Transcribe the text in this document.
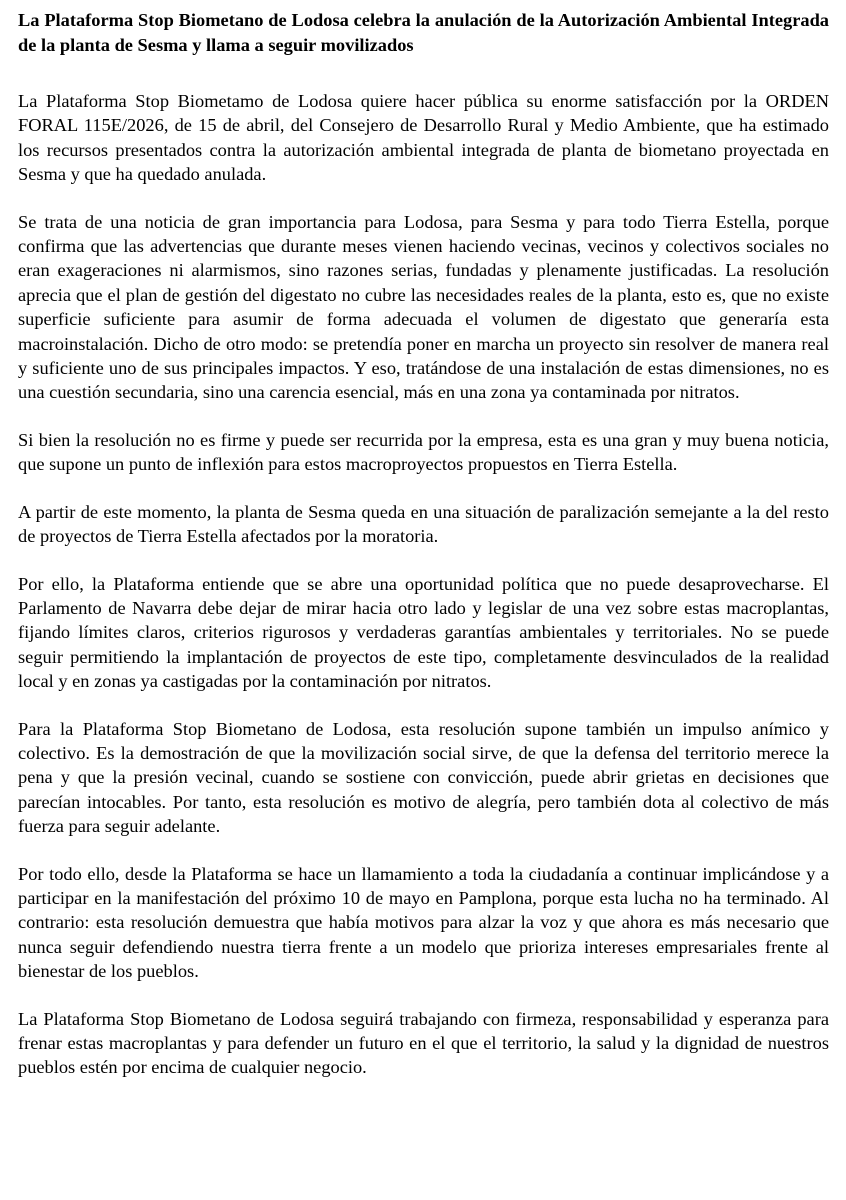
La Plataforma Stop Biometano de Lodosa celebra la anulación de la Autorización Ambiental Integrada de la planta de Sesma y llama a seguir movilizados

La Plataforma Stop Biometamo de Lodosa quiere hacer pública su enorme satisfacción por la ORDEN FORAL 115E/2026, de 15 de abril, del Consejero de Desarrollo Rural y Medio Ambiente, que ha estimado los recursos presentados contra la autorización ambiental integrada de planta de biometano proyectada en Sesma y que ha quedado anulada.

Se trata de una noticia de gran importancia para Lodosa, para Sesma y para todo Tierra Estella, porque confirma que las advertencias que durante meses vienen haciendo vecinas, vecinos y colectivos sociales no eran exageraciones ni alarmismos, sino razones serias, fundadas y plenamente justificadas. La resolución aprecia que el plan de gestión del digestato no cubre las necesidades reales de la planta, esto es, que no existe superficie suficiente para asumir de forma adecuada el volumen de digestato que generaría esta macroinstalación. Dicho de otro modo: se pretendía poner en marcha un proyecto sin resolver de manera real y suficiente uno de sus principales impactos. Y eso, tratándose de una instalación de estas dimensiones, no es una cuestión secundaria, sino una carencia esencial, más en una zona ya contaminada por nitratos.

Si bien la resolución no es firme y puede ser recurrida por la empresa, esta es una gran y muy buena noticia, que supone un punto de inflexión para estos macroproyectos propuestos en Tierra Estella.

A partir de este momento, la planta de Sesma queda en una situación de paralización semejante a la del resto de proyectos de Tierra Estella afectados por la moratoria.

Por ello, la Plataforma entiende que se abre una oportunidad política que no puede desaprovecharse. El Parlamento de Navarra debe dejar de mirar hacia otro lado y legislar de una vez sobre estas macroplantas, fijando límites claros, criterios rigurosos y verdaderas garantías ambientales y territoriales. No se puede seguir permitiendo la implantación de proyectos de este tipo, completamente desvinculados de la realidad local y en zonas ya castigadas por la contaminación por nitratos.

Para la Plataforma Stop Biometano de Lodosa, esta resolución supone también un impulso anímico y colectivo. Es la demostración de que la movilización social sirve, de que la defensa del territorio merece la pena y que la presión vecinal, cuando se sostiene con convicción, puede abrir grietas en decisiones que parecían intocables. Por tanto, esta resolución es motivo de alegría, pero también dota al colectivo de más fuerza para seguir adelante.

Por todo ello, desde la Plataforma se hace un llamamiento a toda la ciudadanía a continuar implicándose y a participar en la manifestación del próximo 10 de mayo en Pamplona, porque esta lucha no ha terminado. Al contrario: esta resolución demuestra que había motivos para alzar la voz y que ahora es más necesario que nunca seguir defendiendo nuestra tierra frente a un modelo que prioriza intereses empresariales frente al bienestar de los pueblos.

La Plataforma Stop Biometano de Lodosa seguirá trabajando con firmeza, responsabilidad y esperanza para frenar estas macroplantas y para defender un futuro en el que el territorio, la salud y la dignidad de nuestros pueblos estén por encima de cualquier negocio.
